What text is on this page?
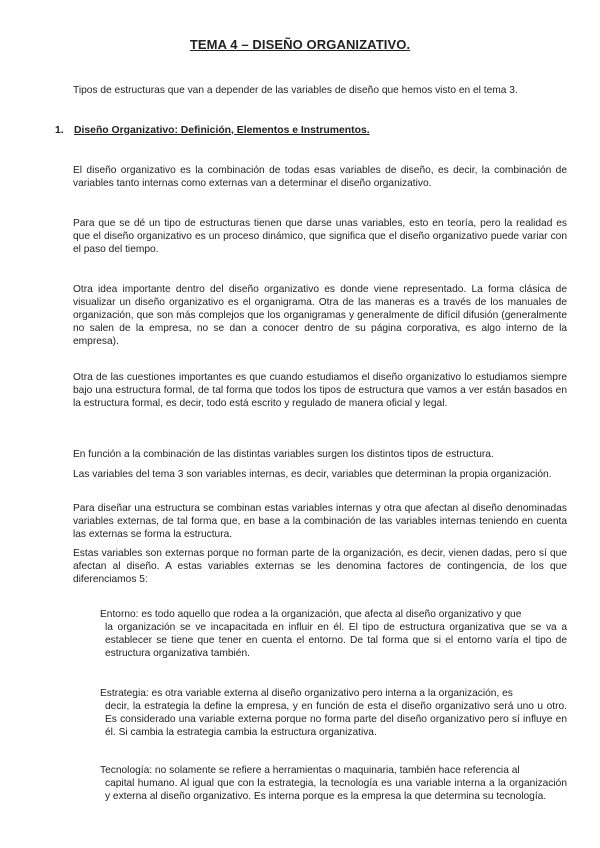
TEMA 4 – DISEÑO ORGANIZATIVO.
Tipos de estructuras que van a depender de las variables de diseño que hemos visto en el tema 3.
1. Diseño Organizativo: Definición, Elementos e Instrumentos.
El diseño organizativo es la combinación de todas esas variables de diseño, es decir, la combinación de variables tanto internas como externas van a determinar el diseño organizativo.
Para que se dé un tipo de estructuras tienen que darse unas variables, esto en teoría, pero la realidad es que el diseño organizativo es un proceso dinámico, que significa que el diseño organizativo puede variar con el paso del tiempo.
Otra idea importante dentro del diseño organizativo es donde viene representado. La forma clásica de visualizar un diseño organizativo es el organigrama. Otra de las maneras es a través de los manuales de organización, que son más complejos que los organigramas y generalmente de difícil difusión (generalmente no salen de la empresa, no se dan a conocer dentro de su página corporativa, es algo interno de la empresa).
Otra de las cuestiones importantes es que cuando estudiamos el diseño organizativo lo estudiamos siempre bajo una estructura formal, de tal forma que todos los tipos de estructura que vamos a ver están basados en la estructura formal, es decir, todo está escrito y regulado de manera oficial y legal.
En función a la combinación de las distintas variables surgen los distintos tipos de estructura.
Las variables del tema 3 son variables internas, es decir, variables que determinan la propia organización.
Para diseñar una estructura se combinan estas variables internas y otra que afectan al diseño denominadas variables externas, de tal forma que, en base a la combinación de las variables internas teniendo en cuenta las externas se forma la estructura.
Estas variables son externas porque no forman parte de la organización, es decir, vienen dadas, pero sí que afectan al diseño. A estas variables externas se les denomina factores de contingencia, de los que diferenciamos 5:
Entorno: es todo aquello que rodea a la organización, que afecta al diseño organizativo y que
la organización se ve incapacitada en influir en él. El tipo de estructura organizativa que se va a establecer se tiene que tener en cuenta el entorno. De tal forma que si el entorno varía el tipo de estructura organizativa también.
Estrategia: es otra variable externa al diseño organizativo pero interna a la organización, es
decir, la estrategia la define la empresa, y en función de esta el diseño organizativo será uno u otro. Es considerado una variable externa porque no forma parte del diseño organizativo pero sí influye en él. Si cambia la estrategia cambia la estructura organizativa.
Tecnología: no solamente se refiere a herramientas o maquinaria, también hace referencia al
capital humano. Al igual que con la estrategia, la tecnología es una variable interna a la organización y externa al diseño organizativo. Es interna porque es la empresa la que determina su tecnología.
